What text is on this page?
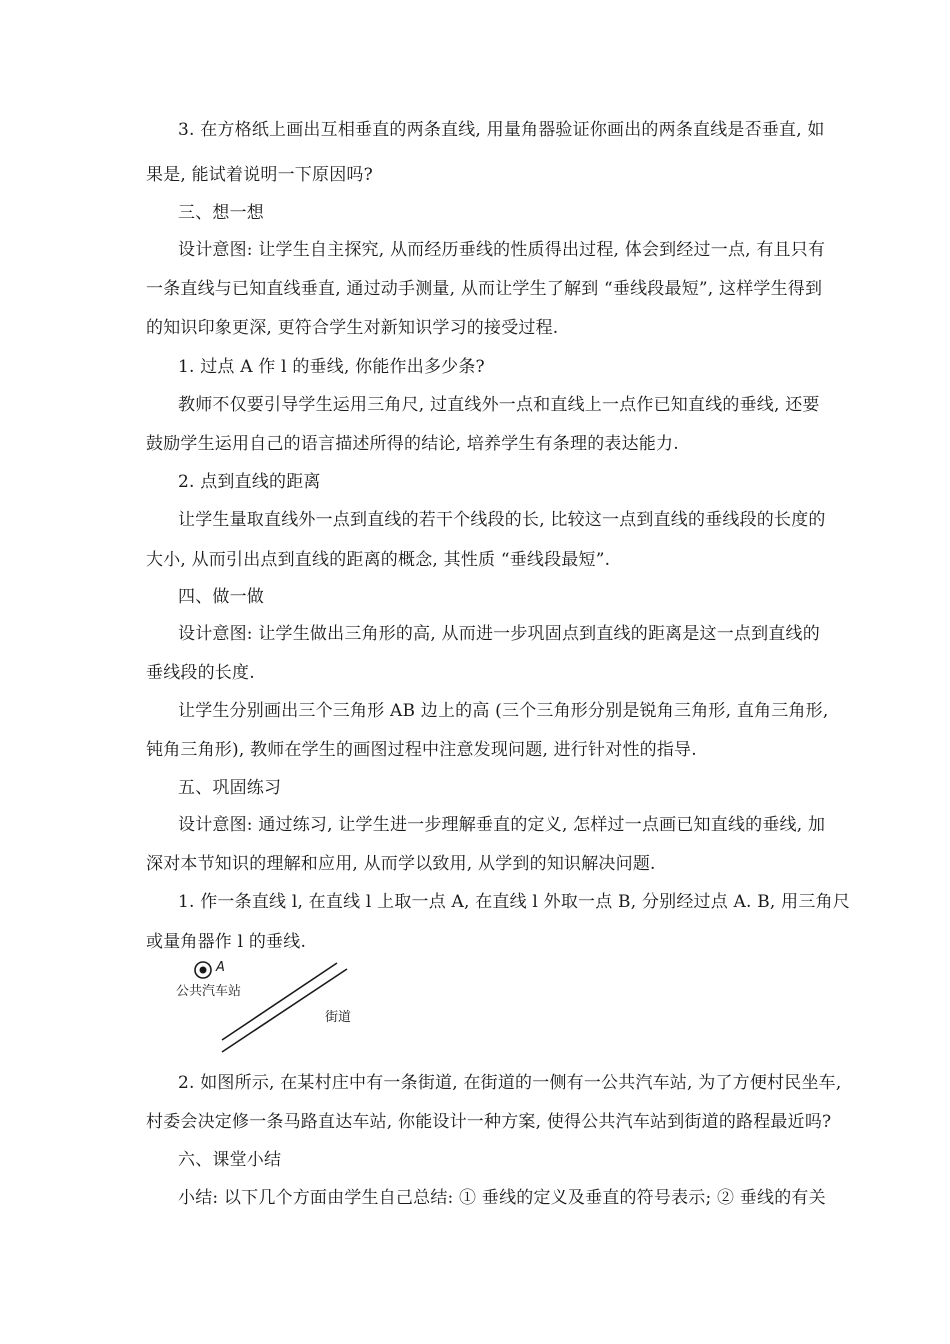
3. 在方格纸上画出互相垂直的两条直线, 用量角器验证你画出的两条直线是否垂直, 如
果是, 能试着说明一下原因吗?
三、想一想
设计意图: 让学生自主探究, 从而经历垂线的性质得出过程, 体会到经过一点, 有且只有
一条直线与已知直线垂直, 通过动手测量, 从而让学生了解到 “垂线段最短”, 这样学生得到
的知识印象更深, 更符合学生对新知识学习的接受过程.
1. 过点 A 作 l 的垂线, 你能作出多少条?
教师不仅要引导学生运用三角尺, 过直线外一点和直线上一点作已知直线的垂线, 还要
鼓励学生运用自己的语言描述所得的结论, 培养学生有条理的表达能力.
2. 点到直线的距离
让学生量取直线外一点到直线的若干个线段的长, 比较这一点到直线的垂线段的长度的
大小, 从而引出点到直线的距离的概念, 其性质 “垂线段最短”.
四、做一做
设计意图: 让学生做出三角形的高, 从而进一步巩固点到直线的距离是这一点到直线的
垂线段的长度.
让学生分别画出三个三角形 AB 边上的高 (三个三角形分别是锐角三角形, 直角三角形,
钝角三角形), 教师在学生的画图过程中注意发现问题, 进行针对性的指导.
五、巩固练习
设计意图: 通过练习, 让学生进一步理解垂直的定义, 怎样过一点画已知直线的垂线, 加
深对本节知识的理解和应用, 从而学以致用, 从学到的知识解决问题.
1. 作一条直线 l, 在直线 l 上取一点 A, 在直线 l 外取一点 B, 分别经过点 A. B, 用三角尺
或量角器作 l 的垂线.
2. 如图所示, 在某村庄中有一条街道, 在街道的一侧有一公共汽车站, 为了方便村民坐车,
村委会决定修一条马路直达车站, 你能设计一种方案, 使得公共汽车站到街道的路程最近吗?
六、课堂小结
小结: 以下几个方面由学生自己总结: ① 垂线的定义及垂直的符号表示; ② 垂线的有关
A
公共汽车站
街道
